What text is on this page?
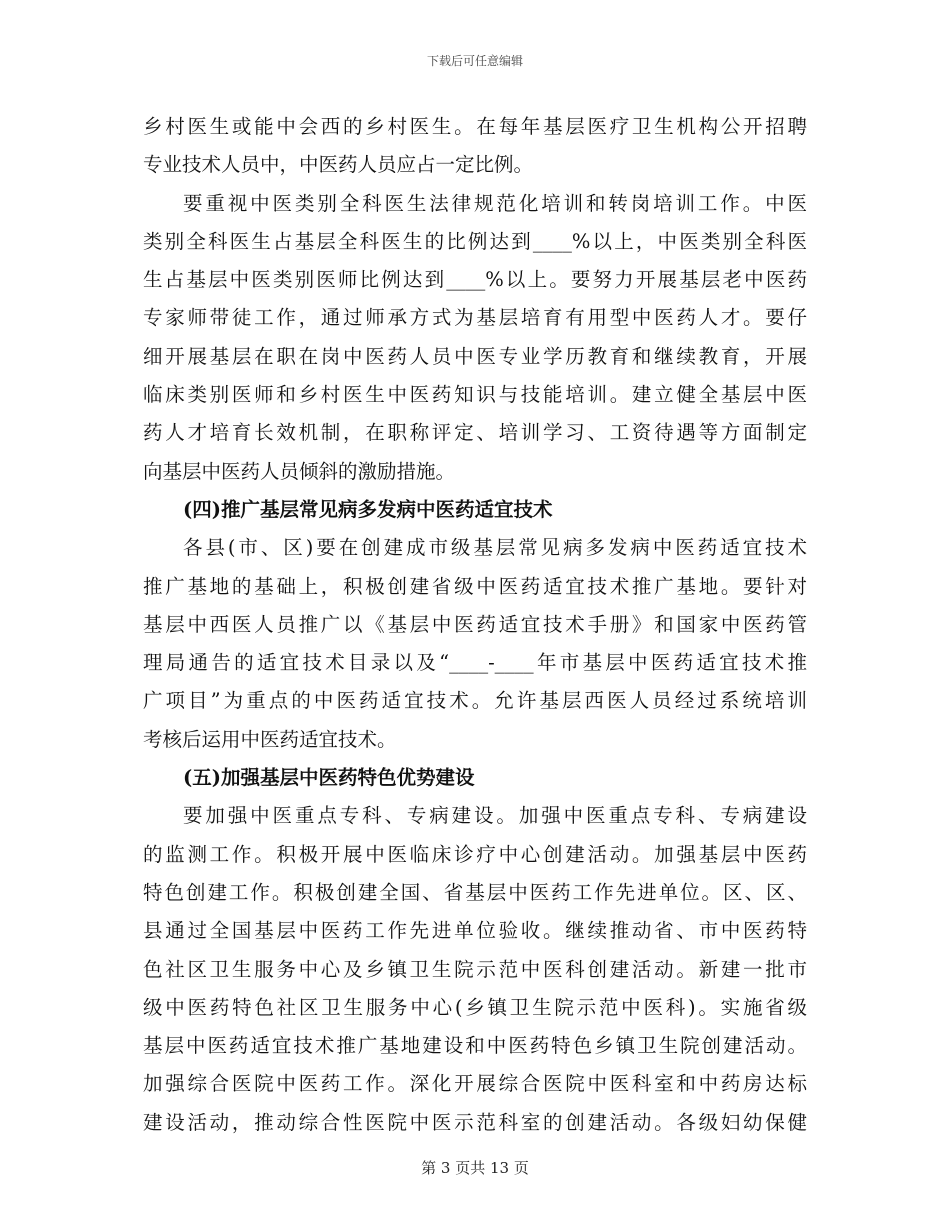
下载后可任意编辑
乡村医生或能中会西的乡村医生。在每年基层医疗卫生机构公开招聘
专业技术人员中，中医药人员应占一定比例。
要重视中医类别全科医生法律规范化培训和转岗培训工作。中医
类别全科医生占基层全科医生的比例达到____%以上，中医类别全科医
生占基层中医类别医师比例达到____%以上。要努力开展基层老中医药
专家师带徒工作，通过师承方式为基层培育有用型中医药人才。要仔
细开展基层在职在岗中医药人员中医专业学历教育和继续教育，开展
临床类别医师和乡村医生中医药知识与技能培训。建立健全基层中医
药人才培育长效机制，在职称评定、培训学习、工资待遇等方面制定
向基层中医药人员倾斜的激励措施。
(四)推广基层常见病多发病中医药适宜技术
各县(市、区)要在创建成市级基层常见病多发病中医药适宜技术
推广基地的基础上，积极创建省级中医药适宜技术推广基地。要针对
基层中西医人员推广以《基层中医药适宜技术手册》和国家中医药管
理局通告的适宜技术目录以及“____-____年市基层中医药适宜技术推
广项目”为重点的中医药适宜技术。允许基层西医人员经过系统培训
考核后运用中医药适宜技术。
(五)加强基层中医药特色优势建设
要加强中医重点专科、专病建设。加强中医重点专科、专病建设
的监测工作。积极开展中医临床诊疗中心创建活动。加强基层中医药
特色创建工作。积极创建全国、省基层中医药工作先进单位。区、区、
县通过全国基层中医药工作先进单位验收。继续推动省、市中医药特
色社区卫生服务中心及乡镇卫生院示范中医科创建活动。新建一批市
级中医药特色社区卫生服务中心(乡镇卫生院示范中医科)。实施省级
基层中医药适宜技术推广基地建设和中医药特色乡镇卫生院创建活动。
加强综合医院中医药工作。深化开展综合医院中医科室和中药房达标
建设活动，推动综合性医院中医示范科室的创建活动。各级妇幼保健
第 3 页共 13 页
